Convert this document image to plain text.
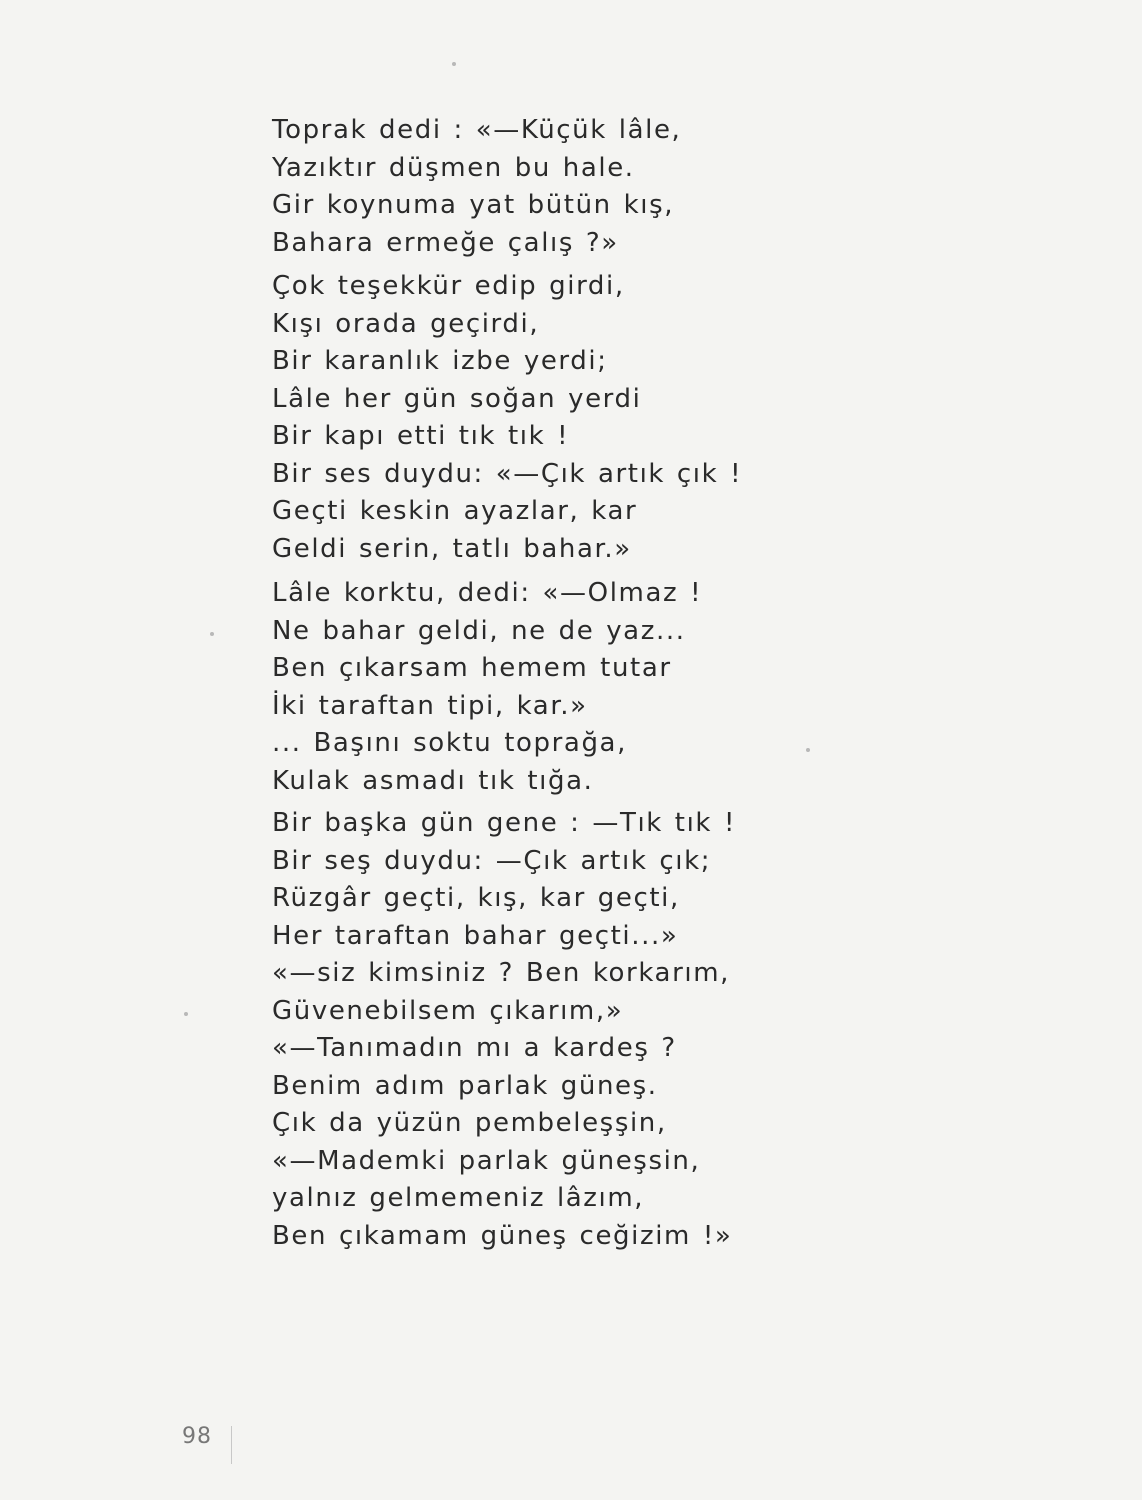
Toprak dedi : «—Küçük lâle,
Yazıktır düşmen bu hale.
Gir koynuma yat bütün kış,
Bahara ermeğe çalış ?»
Çok teşekkür edip girdi,
Kışı orada geçirdi,
Bir karanlık izbe yerdi;
Lâle her gün soğan yerdi
Bir kapı etti tık tık !
Bir ses duydu: «—Çık artık çık !
Geçti keskin ayazlar, kar
Geldi serin, tatlı bahar.»
Lâle korktu, dedi: «—Olmaz !
Ne bahar geldi, ne de yaz...
Ben çıkarsam hemem tutar
İki taraftan tipi, kar.»
... Başını soktu toprağa,
Kulak asmadı tık tığa.
Bir başka gün gene : —Tık tık !
Bir seş duydu: —Çık artık çık;
Rüzgâr geçti, kış, kar geçti,
Her taraftan bahar geçti...»
«—siz kimsiniz ? Ben korkarım,
Güvenebilsem çıkarım,»
«—Tanımadın mı a kardeş ?
Benim adım parlak güneş.
Çık da yüzün pembeleşşin,
«—Mademki parlak güneşsin,
yalnız gelmemeniz lâzım,
Ben çıkamam güneş ceğizim !»
98
